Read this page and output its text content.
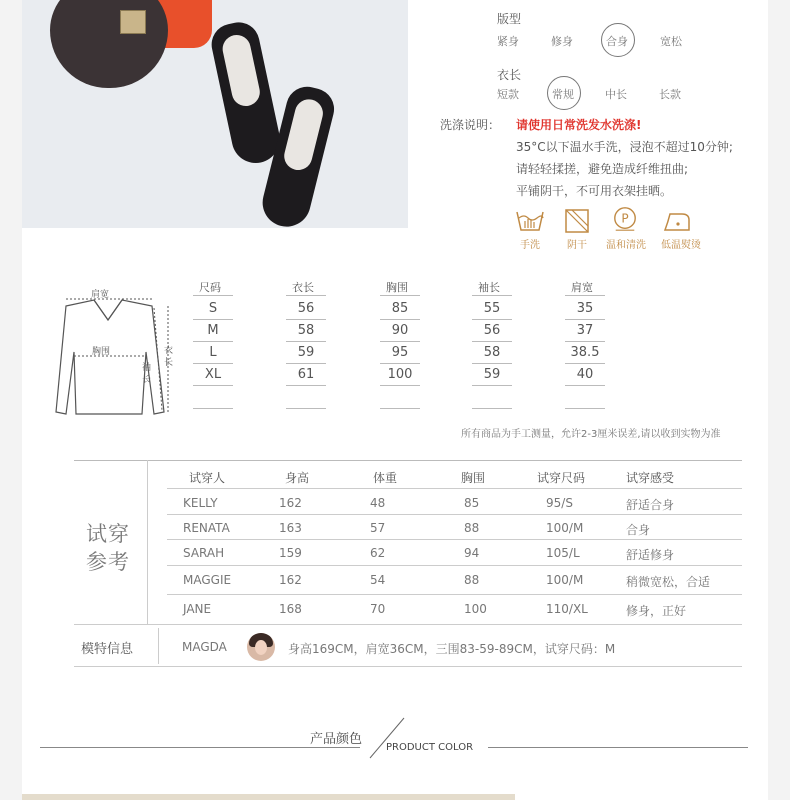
版型
紧身	修身	合身	宽松
衣长
短款	常规	中长	长款
洗涤说明： 请使用日常洗发水洗涤!
35°C以下温水手洗，浸泡不超过10分钟;
请轻轻揉搓，避免造成纤维扭曲;
平铺阴干，不可用衣架挂晒。
手洗	阴干
P
温和清洗	低温熨烫
肩宽
胸围	衣长
袖长
尺码	衣长	胸围	袖长	肩宽
S	56	85	55	35
M	58	90	56	37
L	59	95	58	38.5
XL	61	100	59	40
所有商品为手工测量，允许2-3厘米误差,请以收到实物为准
试穿
参考
试穿人	身高	体重	胸围	试穿尺码	试穿感受
KELLY	162	48	85	95/S	舒适合身
RENATA	163	57	88	100/M	合身
SARAH	159	62	94	105/L	舒适修身
MAGGIE	162	54	88	100/M	稍微宽松，合适
JANE	168	70	100	110/XL	修身，正好
模特信息	MAGDA	身高169CM，肩宽36CM，三围83-59-89CM，试穿尺码：M
产品颜色
PRODUCT COLOR
